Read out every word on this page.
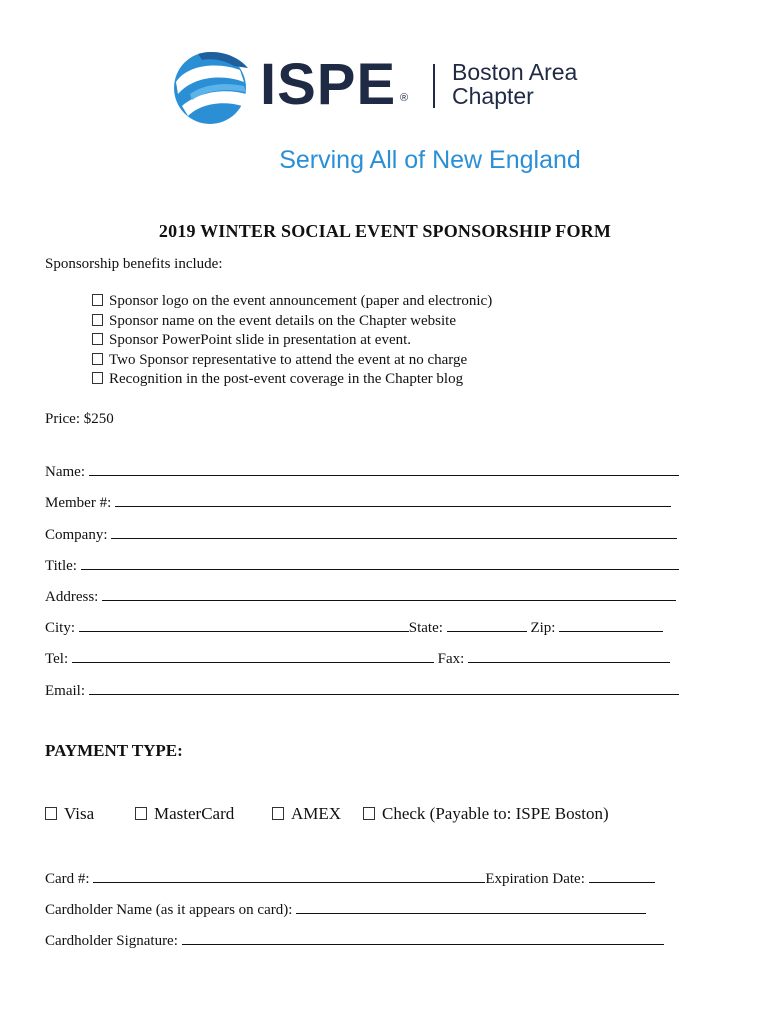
ISPE ®
Boston Area
Chapter
Serving All of New England
2019 WINTER SOCIAL EVENT SPONSORSHIP FORM
Sponsorship benefits include:
Sponsor logo on the event announcement (paper and electronic)
Sponsor name on the event details on the Chapter website
Sponsor PowerPoint slide in presentation at event.
Two Sponsor representative to attend the event at no charge
Recognition in the post-event coverage in the Chapter blog
Price: $250
Name:
Member #:
Company:
Title:
Address:
City:	State:	Zip:
Tel:	Fax:
Email:
PAYMENT TYPE:
Visa	MasterCard	AMEX	Check (Payable to: ISPE Boston)
Card #:	Expiration Date:
Cardholder Name (as it appears on card):
Cardholder Signature:
